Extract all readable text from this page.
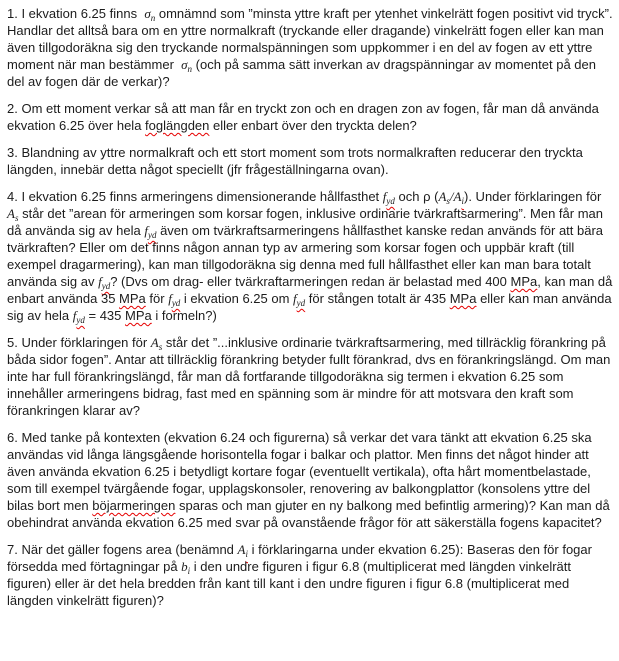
1. I ekvation 6.25 finns  $\sigma_n$ omnämnd som ”minsta yttre kraft per ytenhet vinkelrätt fogen positivt vid tryck”. Handlar det alltså bara om en yttre normalkraft (tryckande eller dragande) vinkelrätt fogen eller kan man även tillgodoräkna sig den tryckande normalspänningen som uppkommer i en del av fogen av ett yttre moment när man bestämmer  $\sigma_n$ (och på samma sätt inverkan av dragspänningar av momentet på den del av fogen där de verkar)?

2. Om ett moment verkar så att man får en tryckt zon och en dragen zon av fogen, får man då använda ekvation 6.25 över hela foglängden eller enbart över den tryckta delen?

3. Blandning av yttre normalkraft och ett stort moment som trots normalkraften reducerar den tryckta längden, innebär detta något speciellt (jfr frågeställningarna ovan).

4. I ekvation 6.25 finns armeringens dimensionerande hållfasthet $f_{yd}$ och ρ $(A_s/A_i)$. Under förklaringen för $A_s$ står det ”arean för armeringen som korsar fogen, inklusive ordinarie tvärkraftsarmering”. Men får man då använda sig av hela $f_{yd}$ även om tvärkraftsarmeringens hållfasthet kanske redan används för att bära tvärkraften? Eller om det finns någon annan typ av armering som korsar fogen och uppbär kraft (till exempel dragarmering), kan man tillgodoräkna sig denna med full hållfasthet eller kan man bara totalt använda sig av $f_{yd}$? (Dvs om drag- eller tvärkraftarmeringen redan är belastad med 400 MPa, kan man då enbart använda 35 MPa för $f_{yd}$ i ekvation 6.25 om $f_{yd}$ för stången totalt är 435 MPa eller kan man använda sig av hela $f_{yd} = 435$ MPa i formeln?)

5. Under förklaringen för $A_s$ står det ”...inklusive ordinarie tvärkraftsarmering, med tillräcklig förankring på båda sidor fogen”. Antar att tillräcklig förankring betyder fullt förankrad, dvs en förankringslängd. Om man inte har full förankringslängd, får man då fortfarande tillgodoräkna sig termen i ekvation 6.25 som innehåller armeringens bidrag, fast med en spänning som är mindre för att motsvara den kraft som förankringen klarar av?

6. Med tanke på kontexten (ekvation 6.24 och figurerna) så verkar det vara tänkt att ekvation 6.25 ska användas vid långa längsgående horisontella fogar i balkar och plattor. Men finns det något hinder att även använda ekvation 6.25 i betydligt kortare fogar (eventuellt vertikala), ofta hårt momentbelastade, som till exempel tvärgående fogar, upplagskonsoler, renovering av balkongplattor (konsolens yttre del bilas bort men böjarmeringen sparas och man gjuter en ny balkong med befintlig armering)? Kan man då obehindrat använda ekvation 6.25 med svar på ovanstående frågor för att säkerställa fogens kapacitet?

7. När det gäller fogens area (benämnd $A_i$ i förklaringarna under ekvation 6.25): Baseras den för fogar försedda med förtagningar på $b_i$ i den undre figuren i figur 6.8 (multiplicerat med längden vinkelrätt figuren) eller är det hela bredden från kant till kant i den undre figuren i figur 6.8 (multiplicerat med längden vinkelrätt figuren)?
